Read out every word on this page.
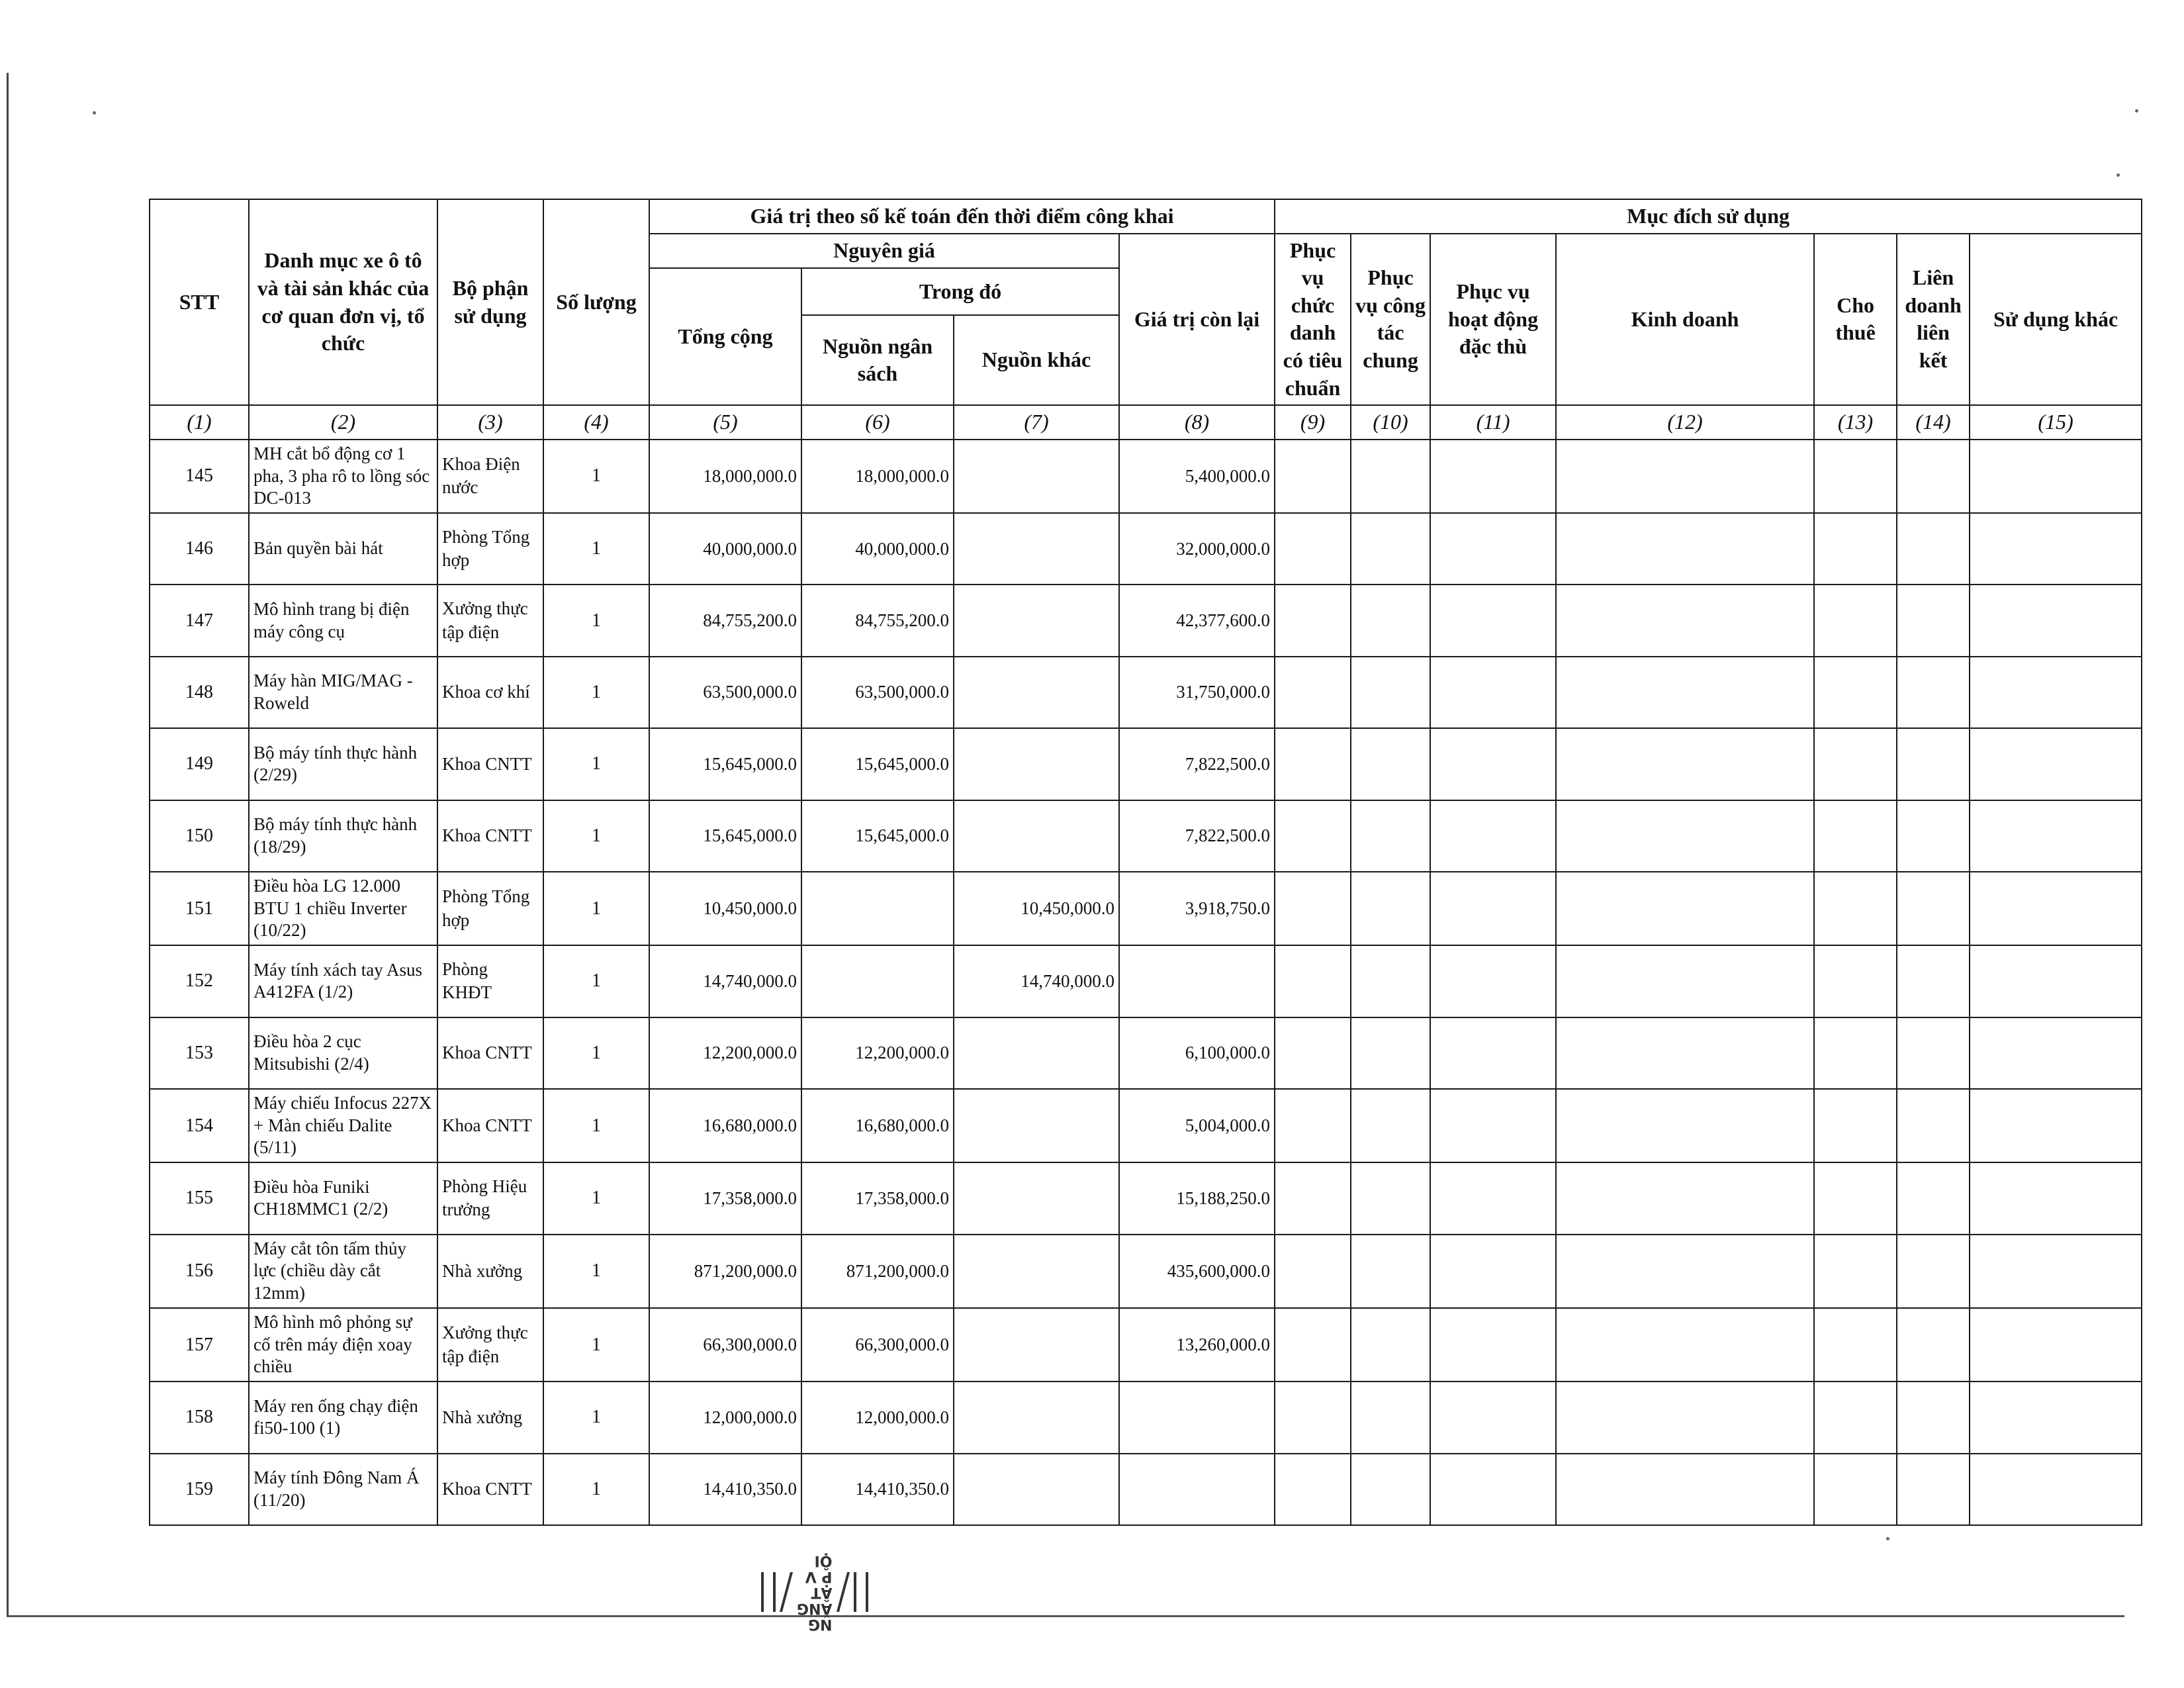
STT	Danh mục xe ô tô và tài sản khác của cơ quan đơn vị, tổ chức	Bộ phận sử dụng	Số lượng	Giá trị theo số kế toán đến thời điểm công khai				Mục đích sử dụng						
				Nguyên giá			Giá trị còn lại	Phục vụ chức danh có tiêu chuẩn	Phục vụ công tác chung	Phục vụ hoạt động đặc thù	Kinh doanh	Cho thuê	Liên doanh liên kết	Sử dụng khác
				Tổng cộng	Trong đó									
					Nguồn ngân sách	Nguồn khác								
(1)	(2)	(3)	(4)	(5)	(6)	(7)	(8)	(9)	(10)	(11)	(12)	(13)	(14)	(15)
145	MH cắt bổ động cơ 1 pha, 3 pha rô to lồng sóc DC-013	Khoa Điện nước	1	18,000,000.0	18,000,000.0		5,400,000.0							
146	Bản quyền bài hát	Phòng Tổng hợp	1	40,000,000.0	40,000,000.0		32,000,000.0							
147	Mô hình trang bị điện máy công cụ	Xưởng thực tập điện	1	84,755,200.0	84,755,200.0		42,377,600.0							
148	Máy hàn MIG/MAG - Roweld	Khoa cơ khí	1	63,500,000.0	63,500,000.0		31,750,000.0							
149	Bộ máy tính thực hành (2/29)	Khoa CNTT	1	15,645,000.0	15,645,000.0		7,822,500.0							
150	Bộ máy tính thực hành (18/29)	Khoa CNTT	1	15,645,000.0	15,645,000.0		7,822,500.0							
151	Điều hòa LG 12.000 BTU 1 chiều Inverter (10/22)	Phòng Tổng hợp	1	10,450,000.0		10,450,000.0	3,918,750.0							
152	Máy tính xách tay Asus A412FA (1/2)	Phòng KHĐT	1	14,740,000.0		14,740,000.0								
153	Điều hòa 2 cục Mitsubishi (2/4)	Khoa CNTT	1	12,200,000.0	12,200,000.0		6,100,000.0							
154	Máy chiếu Infocus 227X + Màn chiếu Dalite (5/11)	Khoa CNTT	1	16,680,000.0	16,680,000.0		5,004,000.0							
155	Điều hòa Funiki CH18MMC1 (2/2)	Phòng Hiệu trưởng	1	17,358,000.0	17,358,000.0		15,188,250.0							
156	Máy cắt tôn tấm thủy lực (chiều dày cắt 12mm)	Nhà xưởng	1	871,200,000.0	871,200,000.0		435,600,000.0							
157	Mô hình mô phỏng sự cố trên máy điện xoay chiều	Xưởng thực tập điện	1	66,300,000.0	66,300,000.0		13,260,000.0							
158	Máy ren ống chạy điện fi50-100 (1)	Nhà xưởng	1	12,000,000.0	12,000,000.0									
159	Máy tính Đông Nam Á (11/20)	Khoa CNTT	1	14,410,350.0	14,410,350.0									
NG
ĂNG
ẬT
P V
ỘI
